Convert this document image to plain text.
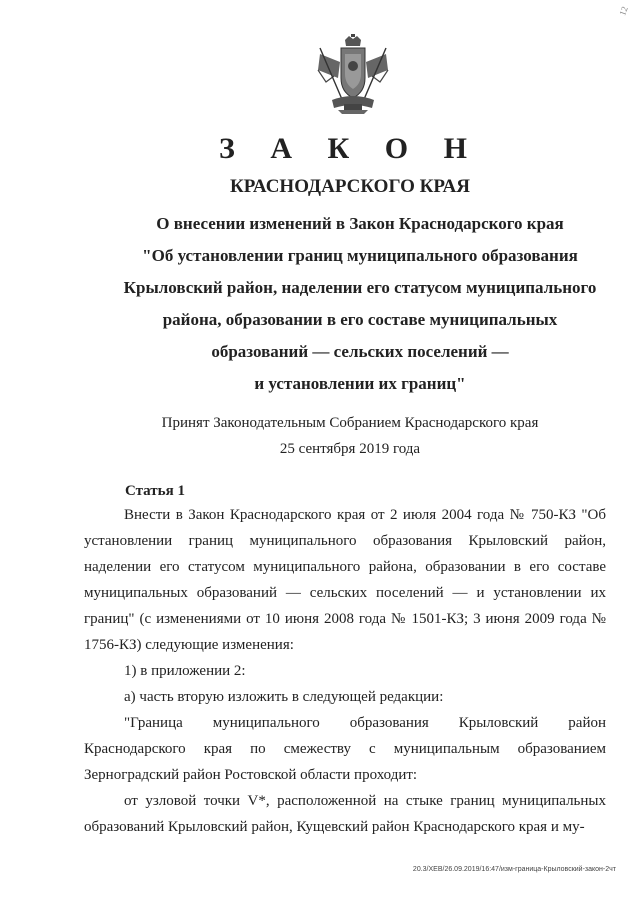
12
З А К О Н
КРАСНОДАРСКОГО КРАЯ
О внесении изменений в Закон Краснодарского края
"Об установлении границ муниципального образования
Крыловский район, наделении его статусом муниципального
района, образовании в его составе муниципальных
образований — сельских поселений —
и установлении их границ"
Принят Законодательным Собранием Краснодарского края
25 сентября 2019 года
Статья 1

Внести в Закон Краснодарского края от 2 июля 2004 года № 750-КЗ "Об установлении границ муниципального образования Крыловский район, наделении его статусом муниципального района, образовании в его составе муниципальных образований — сельских поселений — и установлении их границ" (с изменениями от 10 июня 2008 года № 1501-КЗ; 3 июня 2009 года № 1756-КЗ) следующие изменения:

1) в приложении 2:

а) часть вторую изложить в следующей редакции:

"Граница муниципального образования Крыловский район Краснодарского края по смежеству с муниципальным образованием Зерноградский район Ростовской области проходит:

от узловой точки V*, расположенной на стыке границ муниципальных образований Крыловский район, Кущевский район Краснодарского края и му-

20.3/ХЕВ/26.09.2019/16:47/изм-граница-Крыловский-закон-2чт
